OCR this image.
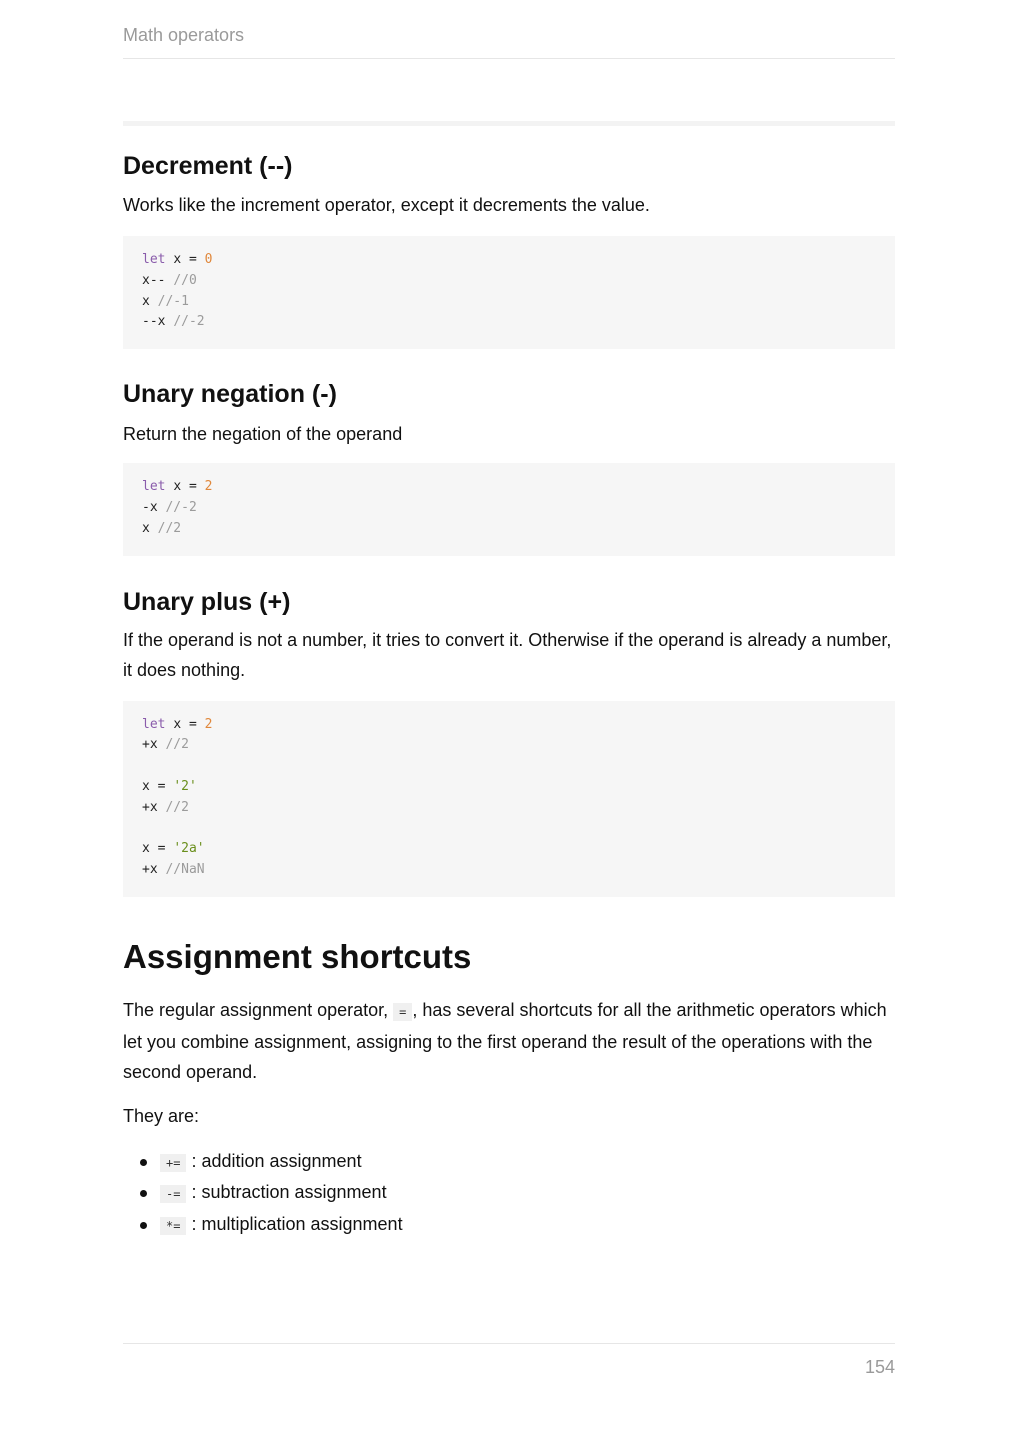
Math operators
Decrement (--)

Works like the increment operator, except it decrements the value.

let x = 0
x-- //0
x //-1
--x //-2
Unary negation (-)

Return the negation of the operand

let x = 2
-x //-2
x //2
Unary plus (+)

If the operand is not a number, it tries to convert it. Otherwise if the operand is already a number, it does nothing.

let x = 2
+x //2

x = '2'
+x //2

x = '2a'
+x //NaN
Assignment shortcuts

The regular assignment operator, = , has several shortcuts for all the arithmetic operators which let you combine assignment, assigning to the first operand the result of the operations with the second operand.

They are:

+= : addition assignment
-= : subtraction assignment
*= : multiplication assignment
154
